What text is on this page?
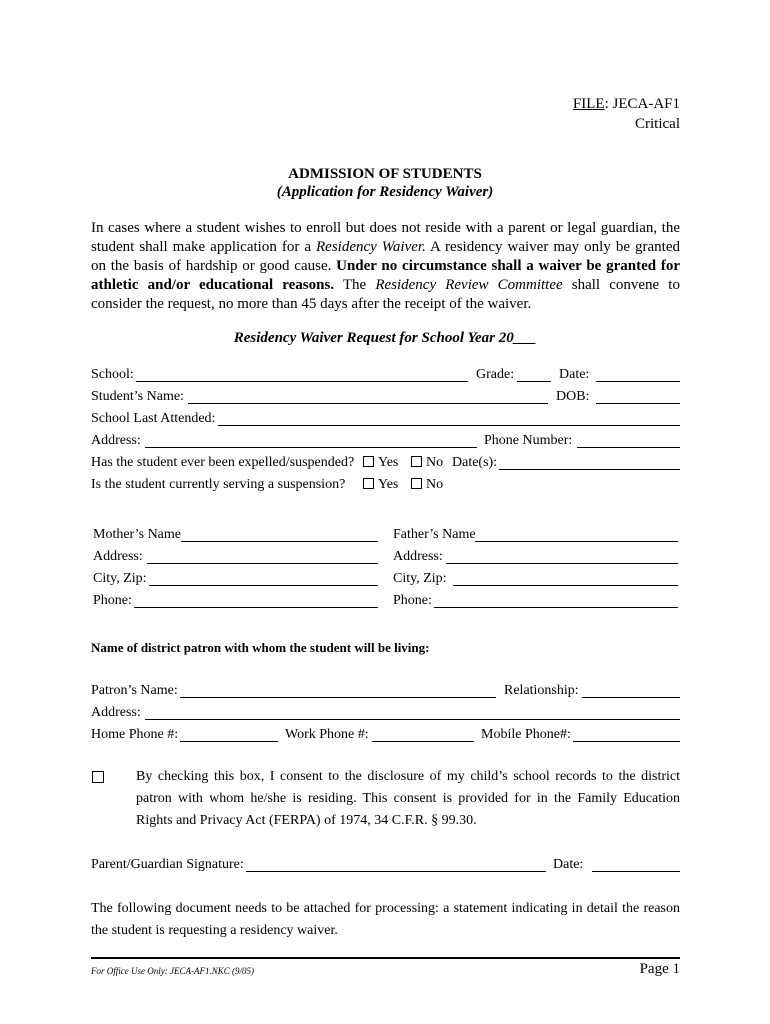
FILE: JECA-AF1
Critical
ADMISSION OF STUDENTS
(Application for Residency Waiver)
In cases where a student wishes to enroll but does not reside with a parent or legal guardian, the student shall make application for a Residency Waiver. A residency waiver may only be granted on the basis of hardship or good cause. Under no circumstance shall a waiver be granted for athletic and/or educational reasons. The Residency Review Committee shall convene to consider the request, no more than 45 days after the receipt of the waiver.
Residency Waiver Request for School Year 20___
School:	Grade:	Date:
Student’s Name:	DOB:
School Last Attended:
Address:	Phone Number:
Has the student ever been expelled/suspended?	Yes	No Date(s):
Is the student currently serving a suspension?	Yes	No
Mother’s Name	Father’s Name
Address:	Address:
City, Zip:	City, Zip:
Phone:	Phone:
Name of district patron with whom the student will be living:
Patron’s Name:	Relationship:
Address:
Home Phone #:	Work Phone #:	Mobile Phone#:
By checking this box, I consent to the disclosure of my child’s school records to the district patron with whom he/she is residing. This consent is provided for in the Family Education Rights and Privacy Act (FERPA) of 1974, 34 C.F.R. § 99.30.
Parent/Guardian Signature:	Date:
The following document needs to be attached for processing: a statement indicating in detail the reason the student is requesting a residency waiver.
For Office Use Only: JECA-AF1.NKC (9/05)	Page 1
